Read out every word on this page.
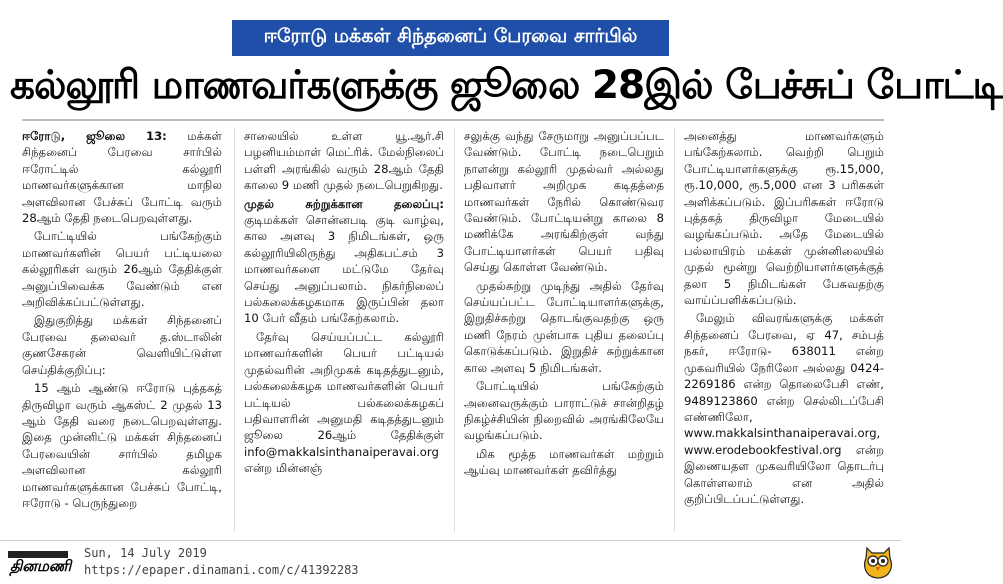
ஈரோடு மக்கள் சிந்தனைப் பேரவை சார்பில்
கல்லூரி மாணவர்களுக்கு ஜூலை 28இல் பேச்சுப் போட்டி

ஈரோடு, ஜூலை 13: மக்கள் சிந்தனைப் பேரவை சார்பில் ஈரோட்டில் கல்லூரி மாணவர்களுக்கான மாநில அளவிலான பேச்சுப் போட்டி வரும் 28ஆம் தேதி நடைபெறவுள்ளது.

போட்டியில் பங்கேற்கும் மாணவர்களின் பெயர் பட்டியலை கல்லூரிகள் வரும் 26ஆம் தேதிக்குள் அனுப்பிவைக்க வேண்டும் என அறிவிக்கப்பட்டுள்ளது.

இதுகுறித்து மக்கள் சிந்தனைப் பேரவை தலைவர் த.ஸ்டாலின் குணசேகரன் வெளியிட்டுள்ள செய்திக்குறிப்பு:

15 ஆம் ஆண்டு ஈரோடு புத்தகத் திருவிழா வரும் ஆகஸ்ட் 2 முதல் 13 ஆம் தேதி வரை நடைபெறவுள்ளது. இதை முன்னிட்டு மக்கள் சிந்தனைப் பேரவையின் சார்பில் தமிழக அளவிலான கல்லூரி மாணவர்களுக்கான பேச்சுப் போட்டி, ஈரோடு - பெருந்துறை

சாலையில் உள்ள யூ.ஆர்.சி பழனியம்மாள் மெட்ரிக். மேல்நிலைப் பள்ளி அரங்கில் வரும் 28ஆம் தேதி காலை 9 மணி முதல் நடைபெறுகிறது.

முதல் சுற்றுக்கான தலைப்பு: குடிமக்கள் சொன்னபடி குடி வாழ்வு, கால அளவு 3 நிமிடங்கள், ஒரு கல்லூரியிலிருந்து அதிகபட்சம் 3 மாணவர்களை மட்டுமே தேர்வு செய்து அனுப்பலாம். நிகர்நிலைப் பல்கலைக்கழகமாக இருப்பின் தலா 10 பேர் வீதம் பங்கேற்கலாம்.

தேர்வு செய்யப்பட்ட கல்லூரி மாணவர்களின் பெயர் பட்டியல் முதல்வரின் அறிமுகக் கடிதத்துடனும், பல்கலைக்கழக மாணவர்களின் பெயர் பட்டியல் பல்கலைக்கழகப் பதிவாளரின் அனுமதி கடிதத்துடனும் ஜூலை 26ஆம் தேதிக்குள் info@makkalsinthanaiperavai.org என்ற மின்னஞ்

சலுக்கு வந்து சேருமாறு அனுப்பப்பட வேண்டும். போட்டி நடைபெறும் நாளன்று கல்லூரி முதல்வர் அல்லது பதிவாளர் அறிமுக கடிதத்தை மாணவர்கள் நேரில் கொண்டுவர வேண்டும். போட்டியன்று காலை 8 மணிக்கே அரங்கிற்குள் வந்து போட்டியாளர்கள் பெயர் பதிவு செய்து கொள்ள வேண்டும்.

முதல்சுற்று முடிந்து அதில் தேர்வு செய்யப்பட்ட போட்டியாளர்களுக்கு, இறுதிச்சுற்று தொடங்குவதற்கு ஒரு மணி நேரம் முன்பாக புதிய தலைப்பு கொடுக்கப்படும். இறுதிச் சுற்றுக்கான கால அளவு 5 நிமிடங்கள்.

போட்டியில் பங்கேற்கும் அனைவருக்கும் பாராட்டுச் சான்றிதழ் நிகழ்ச்சியின் நிறைவில் அரங்கிலேயே வழங்கப்படும்.

மிக மூத்த மாணவர்கள் மற்றும் ஆய்வு மாணவர்கள் தவிர்த்து

அனைத்து மாணவர்களும் பங்கேற்கலாம். வெற்றி பெறும் போட்டியாளர்களுக்கு ரூ.15,000, ரூ.10,000, ரூ.5,000 என 3 பரிசுகள் அளிக்கப்படும். இப்பரிசுகள் ஈரோடு புத்தகத் திருவிழா மேடையில் வழங்கப்படும். அதே மேடையில் பல்லாயிரம் மக்கள் முன்னிலையில் முதல் மூன்று வெற்றியாளர்களுக்குத் தலா 5 நிமிடங்கள் பேசுவதற்கு வாய்ப்பளிக்கப்படும்.

மேலும் விவரங்களுக்கு மக்கள் சிந்தனைப் பேரவை, ஏ 47, சம்பத் நகர், ஈரோடு- 638011 என்ற முகவரியில் நேரிலோ அல்லது 0424-2269186 என்ற தொலைபேசி எண், 9489123860 என்ற செல்லிடப்பேசி எண்ணிலோ, www.makkalsinthanaiperavai.org, www.erodebookfestival.org என்ற இணையதள முகவரியிலோ தொடர்பு கொள்ளலாம் என அதில் குறிப்பிடப்பட்டுள்ளது.

தினமணி
Sun, 14 July 2019
https://epaper.dinamani.com/c/41392283
